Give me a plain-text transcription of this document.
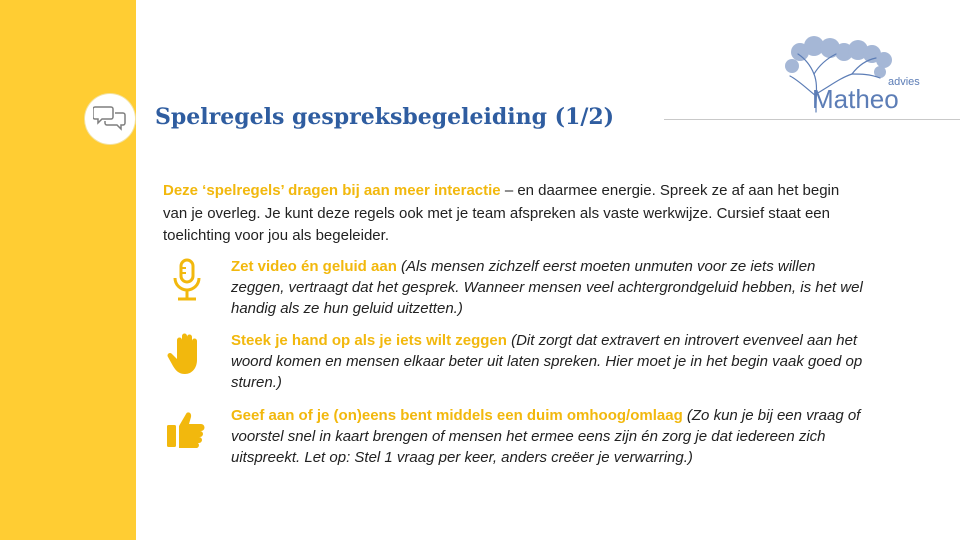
Spelregels gespreksbegeleiding (1/2)
advies
Matheo
Deze ‘spelregels’ dragen bij aan meer interactie – en daarmee energie. Spreek ze af aan het begin van je overleg. Je kunt deze regels ook met je team afspreken als vaste werkwijze. Cursief staat een toelichting voor jou als begeleider.
Zet video én geluid aan (Als mensen zichzelf eerst moeten unmuten voor ze iets willen zeggen, vertraagt dat het gesprek. Wanneer mensen veel achtergrondgeluid hebben, is het wel handig als ze hun geluid uitzetten.)
Steek je hand op als je iets wilt zeggen (Dit zorgt dat extravert en introvert evenveel aan het woord komen en mensen elkaar beter uit laten spreken. Hier moet je in het begin vaak goed op sturen.)
Geef aan of je (on)eens bent middels een duim omhoog/omlaag (Zo kun je bij een vraag of voorstel snel in kaart brengen of mensen het ermee eens zijn én zorg je dat iedereen zich uitspreekt. Let op: Stel 1 vraag per keer, anders creëer je verwarring.)
